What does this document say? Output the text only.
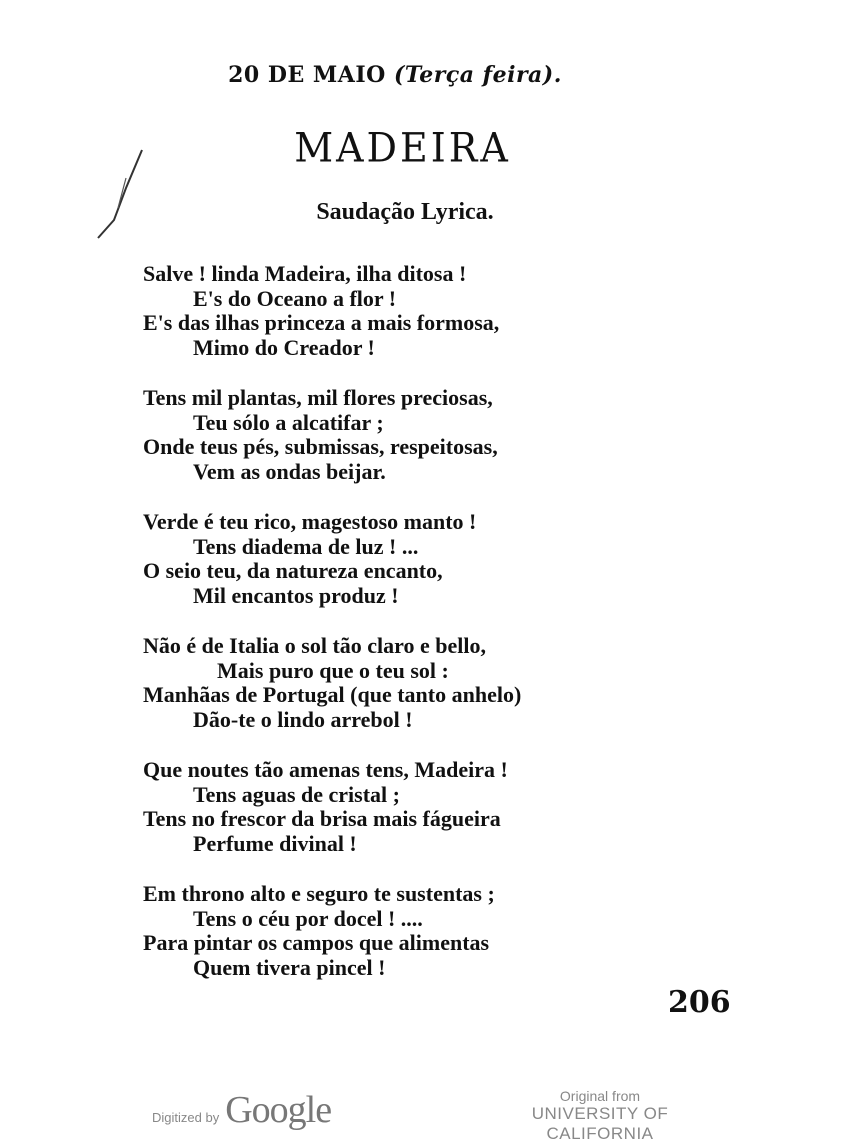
20 DE MAIO (Terça feira).
MADEIRA
Saudação Lyrica.
Salve ! linda Madeira, ilha ditosa !
E's do Oceano a flor !
E's das ilhas princeza a mais formosa,
Mimo do Creador !
Tens mil plantas, mil flores preciosas,
Teu sólo a alcatifar ;
Onde teus pés, submissas, respeitosas,
Vem as ondas beijar.
Verde é teu rico, magestoso manto !
Tens diadema de luz ! ...
O seio teu, da natureza encanto,
Mil encantos produz !
Não é de Italia o sol tão claro e bello,
Mais puro que o teu sol :
Manhãas de Portugal (que tanto anhelo)
Dão-te o lindo arrebol !
Que noutes tão amenas tens, Madeira !
Tens aguas de cristal ;
Tens no frescor da brisa mais fágueira
Perfume divinal !
Em throno alto e seguro te sustentas ;
Tens o céu por docel ! ....
Para pintar os campos que alimentas
Quem tivera pincel !
206
Digitized by Google	Original from
UNIVERSITY OF CALIFORNIA
